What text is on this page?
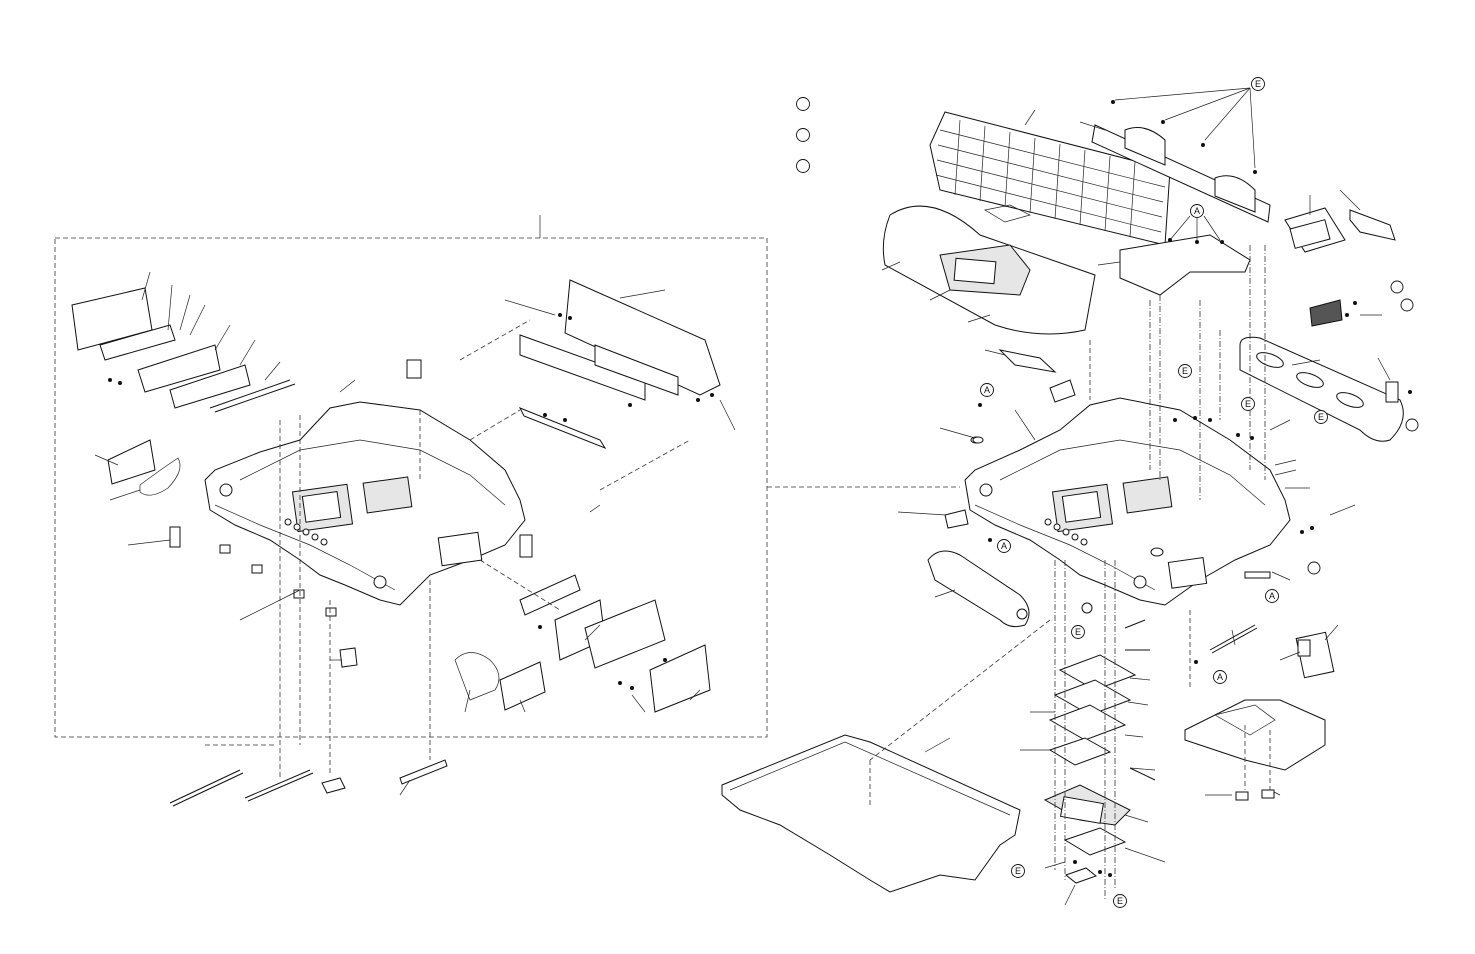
E
A
A
A
A
A
E
E
E
E
E
E
